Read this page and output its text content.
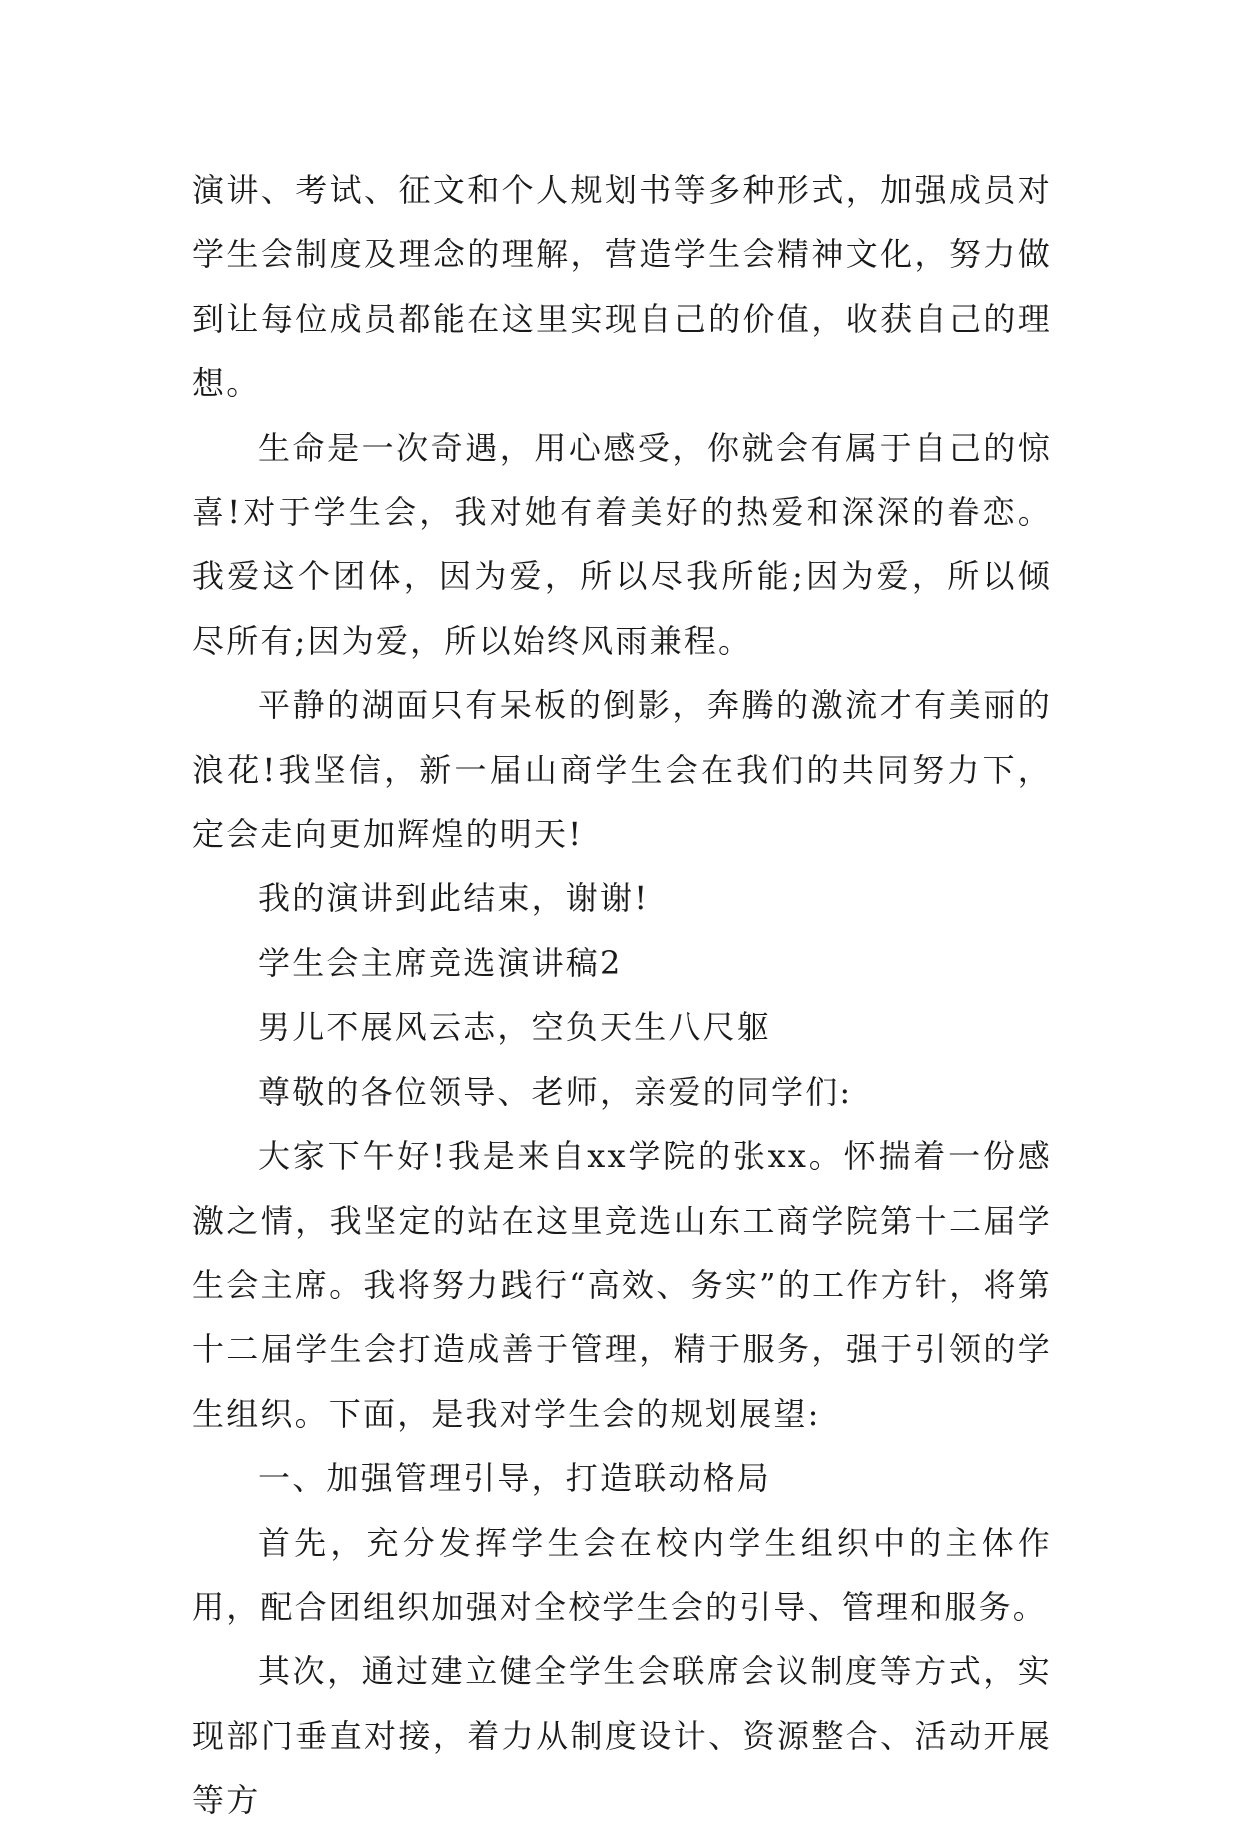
演讲、考试、征文和个人规划书等多种形式，加强成员对学生会制度及理念的理解，营造学生会精神文化，努力做到让每位成员都能在这里实现自己的价值，收获自己的理想。

生命是一次奇遇，用心感受，你就会有属于自己的惊喜!对于学生会，我对她有着美好的热爱和深深的眷恋。我爱这个团体，因为爱，所以尽我所能;因为爱，所以倾尽所有;因为爱，所以始终风雨兼程。

平静的湖面只有呆板的倒影，奔腾的激流才有美丽的浪花!我坚信，新一届山商学生会在我们的共同努力下，定会走向更加辉煌的明天!

我的演讲到此结束，谢谢!

学生会主席竞选演讲稿2

男儿不展风云志，空负天生八尺躯

尊敬的各位领导、老师，亲爱的同学们:

大家下午好!我是来自xx学院的张xx。怀揣着一份感激之情，我坚定的站在这里竞选山东工商学院第十二届学生会主席。我将努力践行“高效、务实”的工作方针，将第十二届学生会打造成善于管理，精于服务，强于引领的学生组织。下面，是我对学生会的规划展望:

一、加强管理引导，打造联动格局

首先，充分发挥学生会在校内学生组织中的主体作用，配合团组织加强对全校学生会的引导、管理和服务。

其次，通过建立健全学生会联席会议制度等方式，实现部门垂直对接，着力从制度设计、资源整合、活动开展等方
